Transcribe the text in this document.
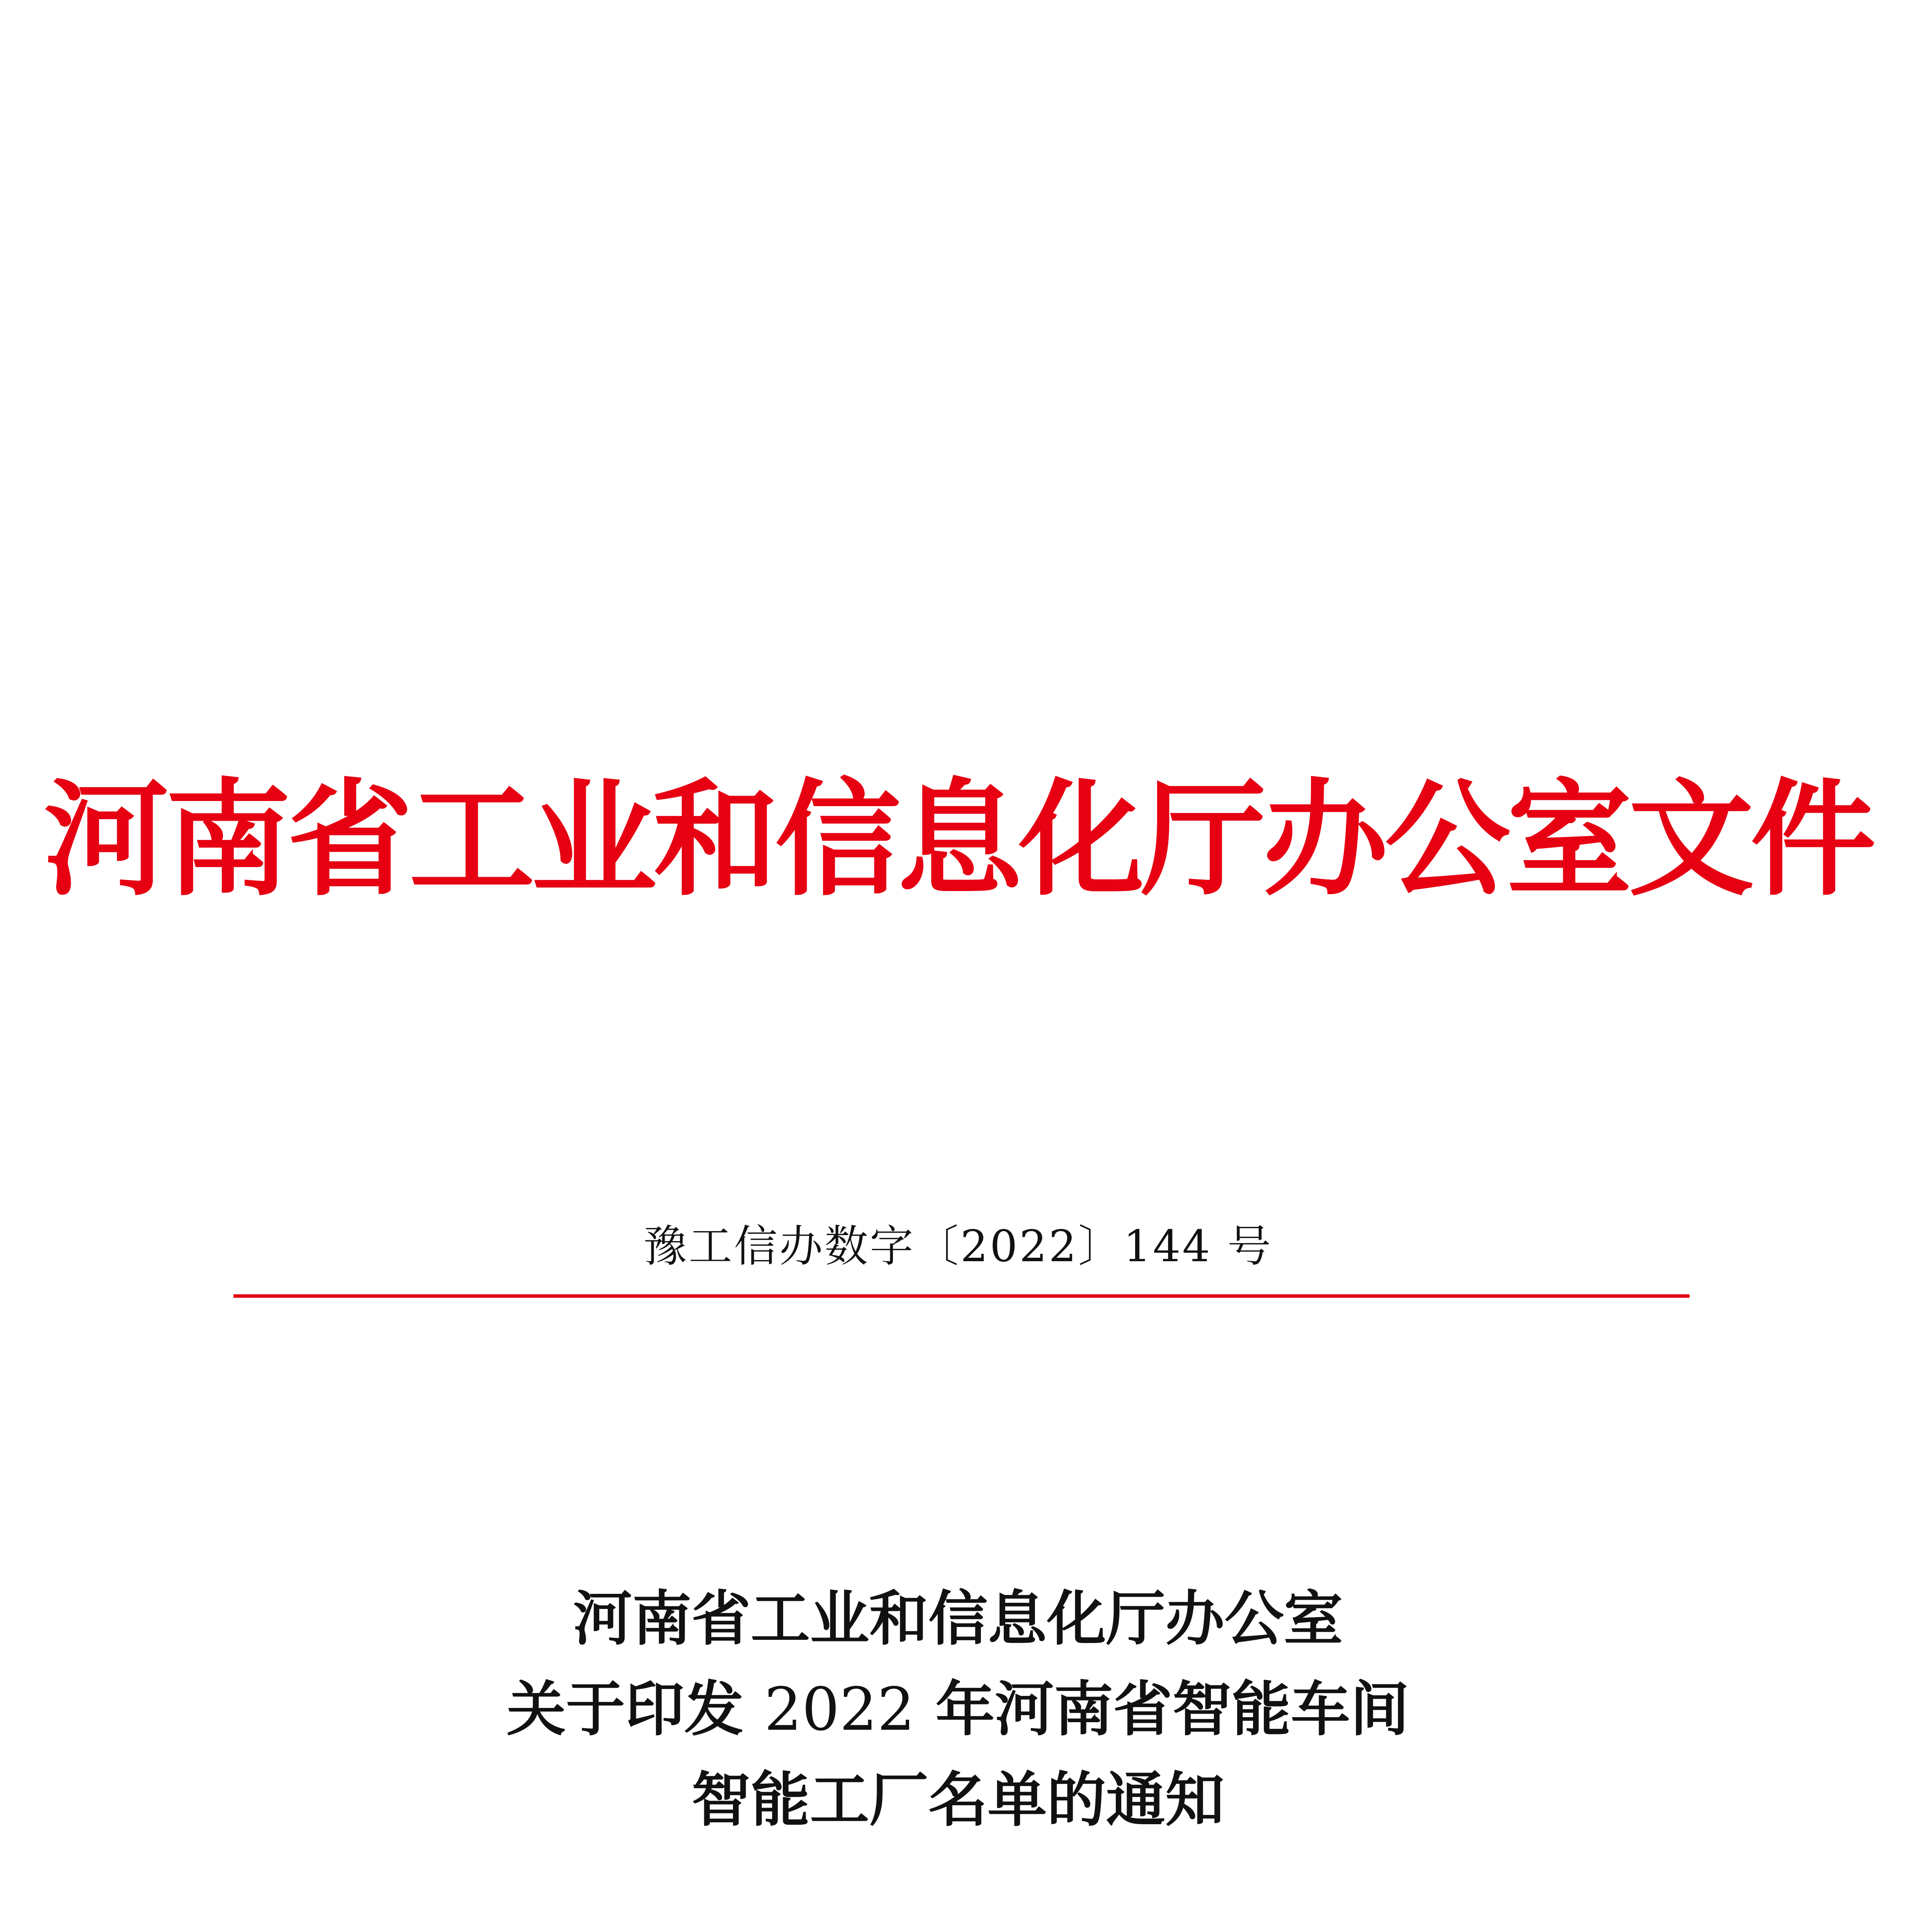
河南省工业和信息化厅办公室文件
豫工信办数字〔2022〕144 号
河南省工业和信息化厅办公室
关于印发 2022 年河南省智能车间
智能工厂名单的通知
